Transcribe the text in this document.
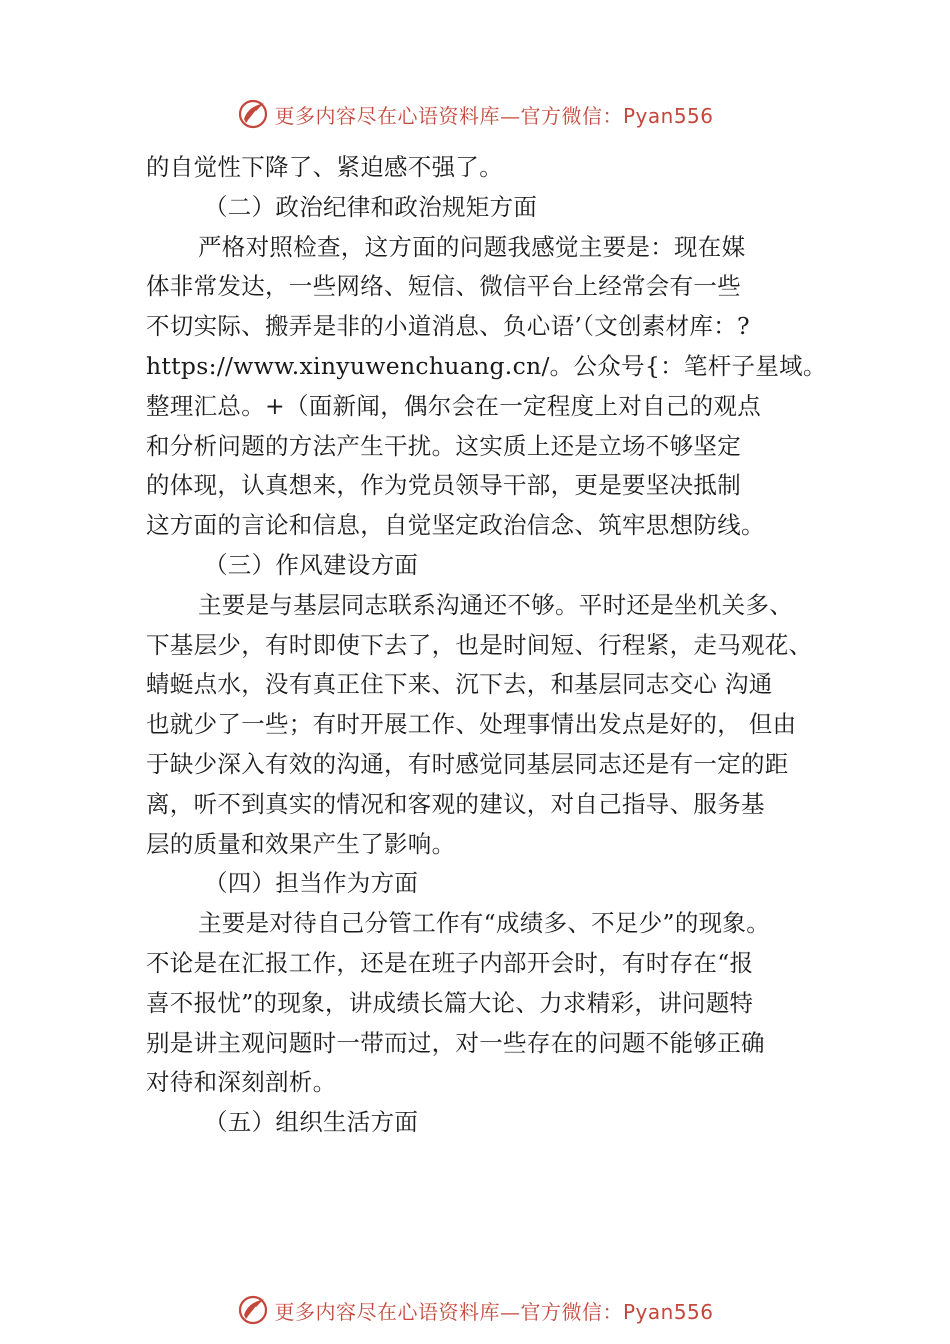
更多内容尽在心语资料库—官方微信：Pyan556
的自觉性下降了、紧迫感不强了。
（二）政治纪律和政治规矩方面
严格对照检查，这方面的问题我感觉主要是：现在媒
体非常发达，一些网络、短信、微信平台上经常会有一些
不切实际、搬弄是非的小道消息、负心语’（文创素材库：?
https://www.xinyuwenchuang.cn/。公众号{：笔杆子星域。
整理汇总。+（面新闻，偶尔会在一定程度上对自己的观点
和分析问题的方法产生干扰。这实质上还是立场不够坚定
的体现，认真想来，作为党员领导干部，更是要坚决抵制
这方面的言论和信息，自觉坚定政治信念、筑牢思想防线。
（三）作风建设方面
主要是与基层同志联系沟通还不够。平时还是坐机关多、
下基层少，有时即使下去了，也是时间短、行程紧，走马观花、
蜻蜓点水，没有真正住下来、沉下去，和基层同志交心 沟通
也就少了一些；有时开展工作、处理事情出发点是好的， 但由
于缺少深入有效的沟通，有时感觉同基层同志还是有一定的距
离，听不到真实的情况和客观的建议，对自己指导、服务基
层的质量和效果产生了影响。
（四）担当作为方面
主要是对待自己分管工作有“成绩多、不足少”的现象。
不论是在汇报工作，还是在班子内部开会时，有时存在“报
喜不报忧”的现象，讲成绩长篇大论、力求精彩，讲问题特
别是讲主观问题时一带而过，对一些存在的问题不能够正确
对待和深刻剖析。
（五）组织生活方面
更多内容尽在心语资料库—官方微信：Pyan556
